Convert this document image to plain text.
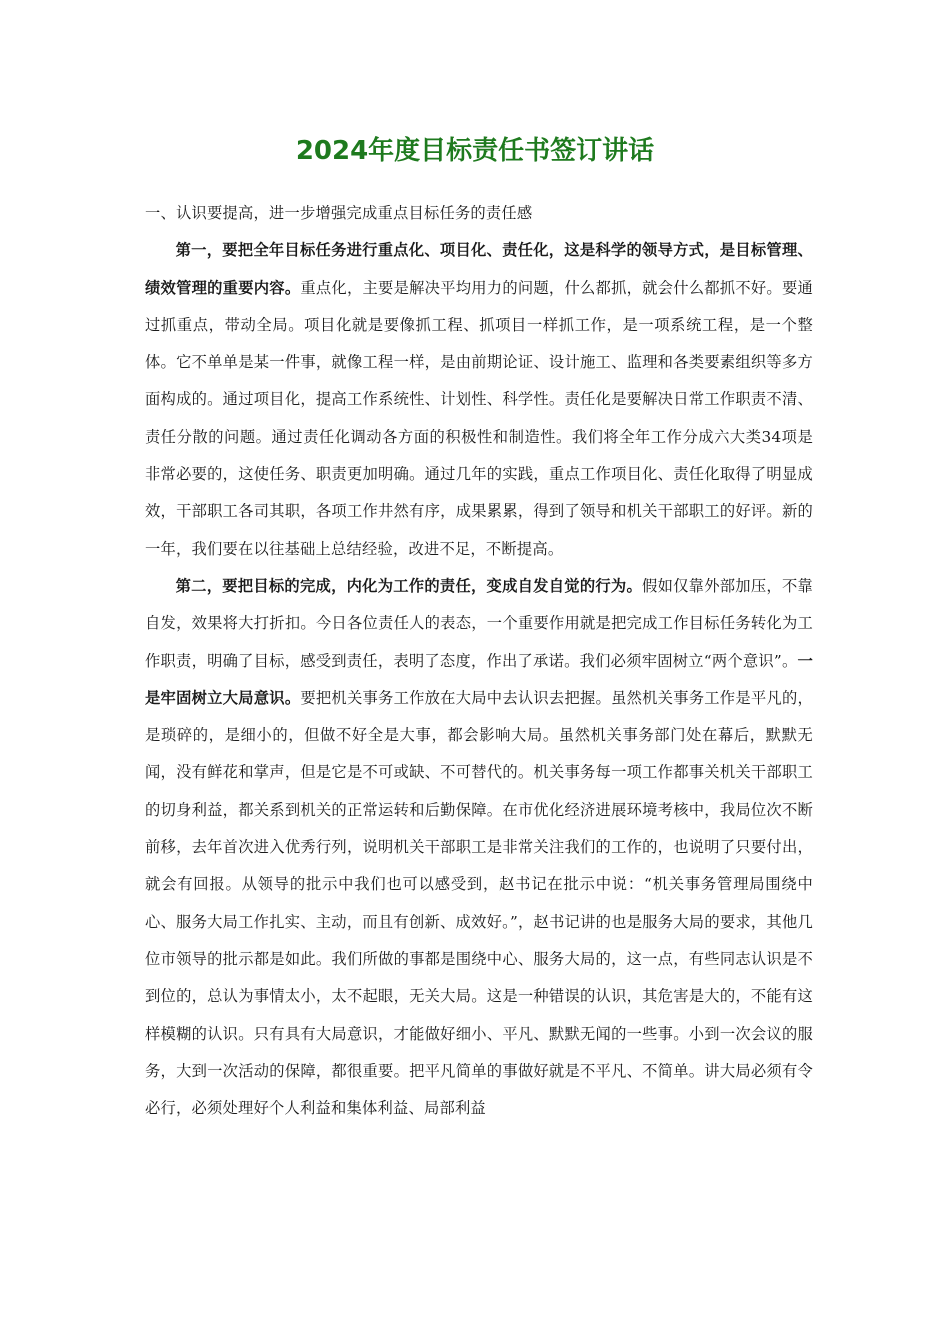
2024年度目标责任书签订讲话

一、认识要提高，进一步增强完成重点目标任务的责任感

第一，要把全年目标任务进行重点化、项目化、责任化，这是科学的领导方式，是目标管理、绩效管理的重要内容。重点化，主要是解决平均用力的问题，什么都抓，就会什么都抓不好。要通过抓重点，带动全局。项目化就是要像抓工程、抓项目一样抓工作，是一项系统工程，是一个整体。它不单单是某一件事，就像工程一样，是由前期论证、设计施工、监理和各类要素组织等多方面构成的。通过项目化，提高工作系统性、计划性、科学性。责任化是要解决日常工作职责不清、责任分散的问题。通过责任化调动各方面的积极性和制造性。我们将全年工作分成六大类34项是非常必要的，这使任务、职责更加明确。通过几年的实践，重点工作项目化、责任化取得了明显成效，干部职工各司其职，各项工作井然有序，成果累累，得到了领导和机关干部职工的好评。新的一年，我们要在以往基础上总结经验，改进不足，不断提高。

第二，要把目标的完成，内化为工作的责任，变成自发自觉的行为。假如仅靠外部加压，不靠自发，效果将大打折扣。今日各位责任人的表态，一个重要作用就是把完成工作目标任务转化为工作职责，明确了目标，感受到责任，表明了态度，作出了承诺。我们必须牢固树立“两个意识”。一是牢固树立大局意识。要把机关事务工作放在大局中去认识去把握。虽然机关事务工作是平凡的，是琐碎的，是细小的，但做不好全是大事，都会影响大局。虽然机关事务部门处在幕后，默默无闻，没有鲜花和掌声，但是它是不可或缺、不可替代的。机关事务每一项工作都事关机关干部职工的切身利益，都关系到机关的正常运转和后勤保障。在市优化经济进展环境考核中，我局位次不断前移，去年首次进入优秀行列，说明机关干部职工是非常关注我们的工作的，也说明了只要付出，就会有回报。从领导的批示中我们也可以感受到，赵书记在批示中说：“机关事务管理局围绕中心、服务大局工作扎实、主动，而且有创新、成效好。”，赵书记讲的也是服务大局的要求，其他几位市领导的批示都是如此。我们所做的事都是围绕中心、服务大局的，这一点，有些同志认识是不到位的，总认为事情太小，太不起眼，无关大局。这是一种错误的认识，其危害是大的，不能有这样模糊的认识。只有具有大局意识，才能做好细小、平凡、默默无闻的一些事。小到一次会议的服务，大到一次活动的保障，都很重要。把平凡简单的事做好就是不平凡、不简单。讲大局必须有令必行，必须处理好个人利益和集体利益、局部利益
